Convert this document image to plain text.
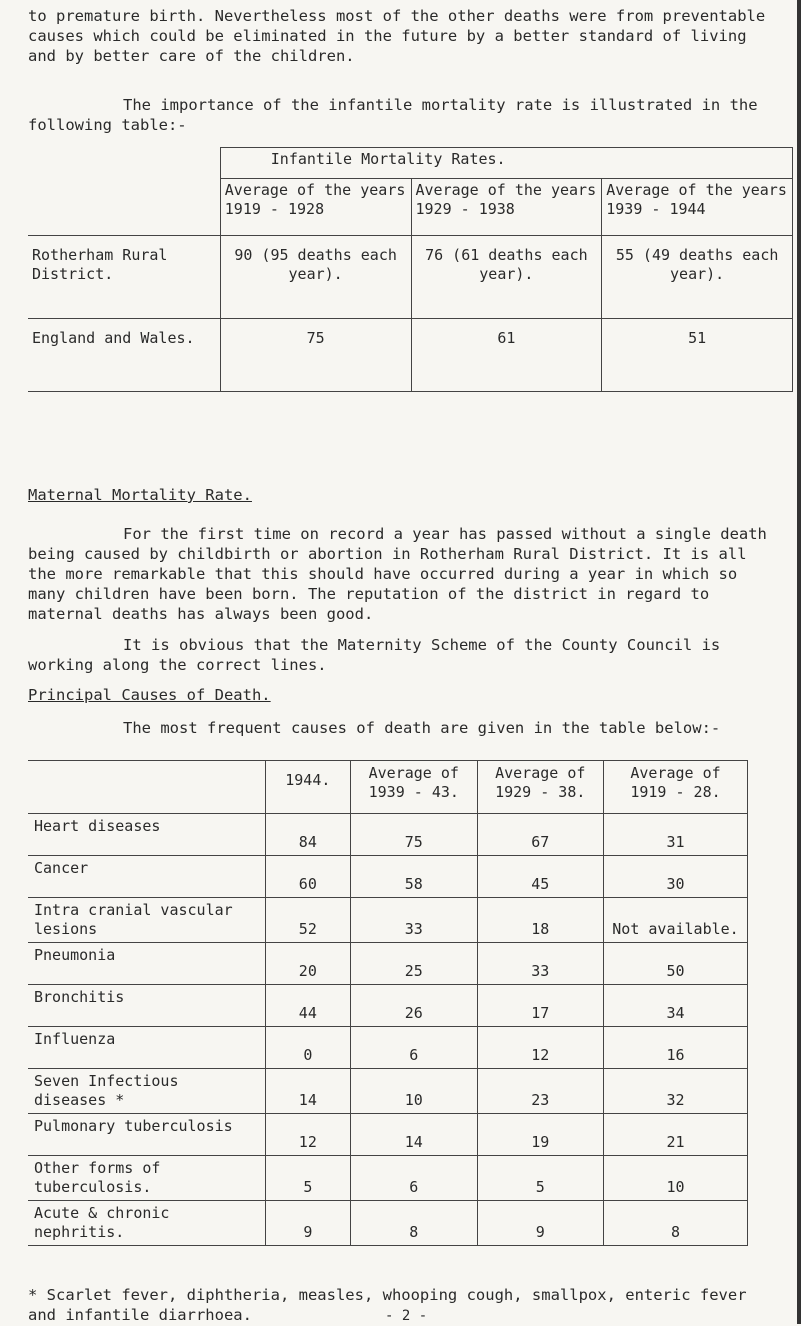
to premature birth. Nevertheless most of the other deaths were from preventable causes which could be eliminated in the future by a better standard of living and by better care of the children.

The importance of the infantile mortality rate is illustrated in the following table:-

	Infantile Mortality Rates.		
	Average of the years 1919 - 1928	Average of the years 1929 - 1938	Average of the years 1939 - 1944
Rotherham Rural District.	90 (95 deaths each year).	76 (61 deaths each year).	55 (49 deaths each year).
England and Wales.	75	61	51

Maternal Mortality Rate.

For the first time on record a year has passed without a single death being caused by childbirth or abortion in Rotherham Rural District. It is all the more remarkable that this should have occurred during a year in which so many children have been born. The reputation of the district in regard to maternal deaths has always been good.

It is obvious that the Maternity Scheme of the County Council is working along the correct lines.

Principal Causes of Death.

The most frequent causes of death are given in the table below:-

	1944.	Average of 1939 - 43.	Average of 1929 - 38.	Average of 1919 - 28.
Heart diseases	84	75	67	31
Cancer	60	58	45	30
Intra cranial vascular lesions	52	33	18	Not available.
Pneumonia	20	25	33	50
Bronchitis	44	26	17	34
Influenza	0	6	12	16
Seven Infectious diseases *	14	10	23	32
Pulmonary tuberculosis	12	14	19	21
Other forms of tuberculosis.	5	6	5	10
Acute & chronic nephritis.	9	8	9	8

* Scarlet fever, diphtheria, measles, whooping cough, smallpox, enteric fever and infantile diarrhoea.	- 2 -
